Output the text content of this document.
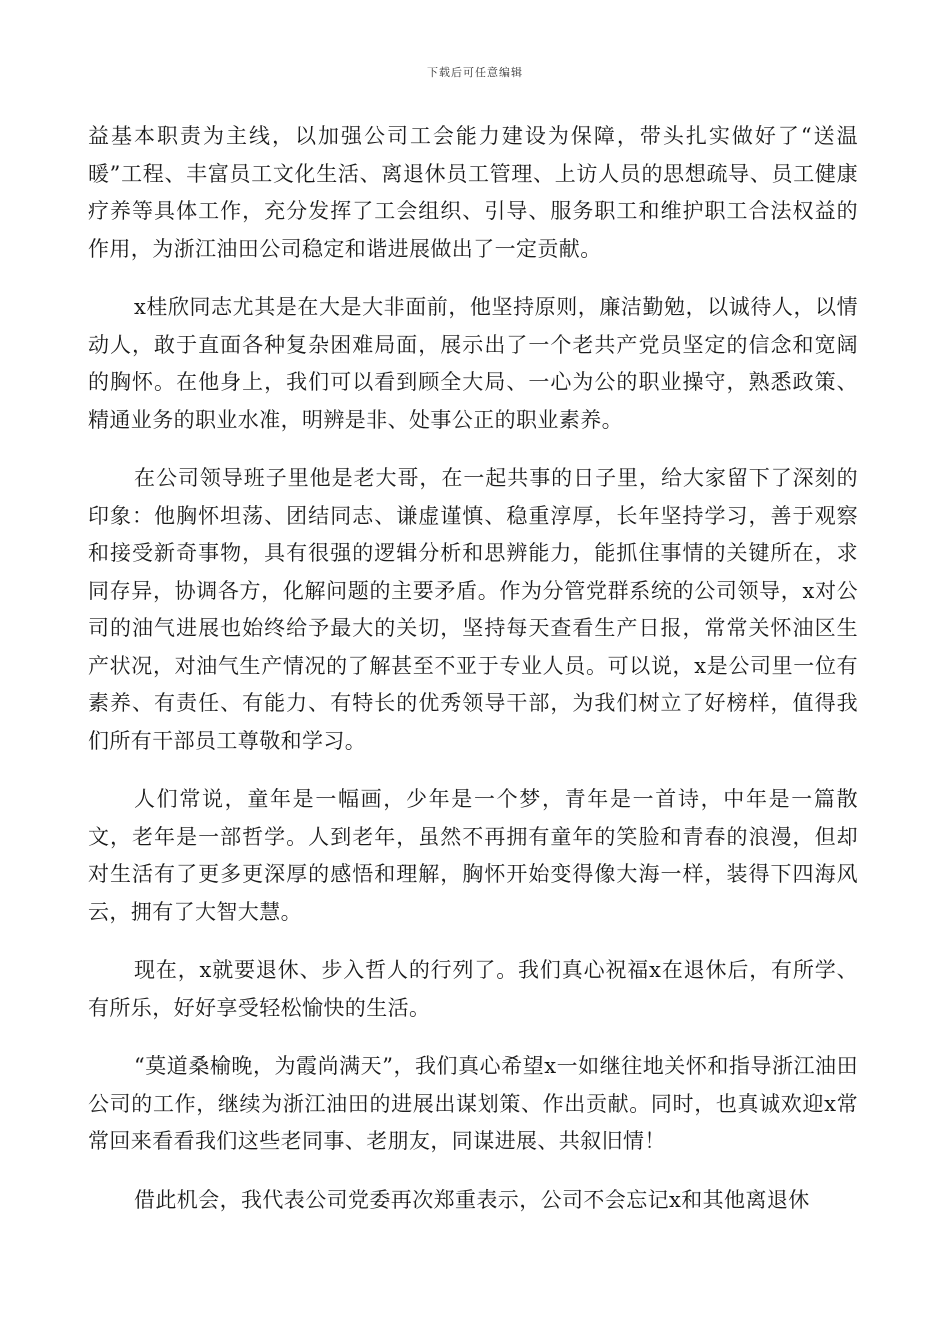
下载后可任意编辑

益基本职责为主线，以加强公司工会能力建设为保障，带头扎实做好了“送温暖”工程、丰富员工文化生活、离退休员工管理、上访人员的思想疏导、员工健康疗养等具体工作，充分发挥了工会组织、引导、服务职工和维护职工合法权益的作用，为浙江油田公司稳定和谐进展做出了一定贡献。

x桂欣同志尤其是在大是大非面前，他坚持原则，廉洁勤勉，以诚待人，以情动人，敢于直面各种复杂困难局面，展示出了一个老共产党员坚定的信念和宽阔的胸怀。在他身上，我们可以看到顾全大局、一心为公的职业操守，熟悉政策、精通业务的职业水准，明辨是非、处事公正的职业素养。

在公司领导班子里他是老大哥，在一起共事的日子里，给大家留下了深刻的印象：他胸怀坦荡、团结同志、谦虚谨慎、稳重淳厚，长年坚持学习，善于观察和接受新奇事物，具有很强的逻辑分析和思辨能力，能抓住事情的关键所在，求同存异，协调各方，化解问题的主要矛盾。作为分管党群系统的公司领导，x对公司的油气进展也始终给予最大的关切，坚持每天查看生产日报，常常关怀油区生产状况，对油气生产情况的了解甚至不亚于专业人员。可以说，x是公司里一位有素养、有责任、有能力、有特长的优秀领导干部，为我们树立了好榜样，值得我们所有干部员工尊敬和学习。

人们常说，童年是一幅画，少年是一个梦，青年是一首诗，中年是一篇散文，老年是一部哲学。人到老年，虽然不再拥有童年的笑脸和青春的浪漫，但却对生活有了更多更深厚的感悟和理解，胸怀开始变得像大海一样，装得下四海风云，拥有了大智大慧。

现在，x就要退休、步入哲人的行列了。我们真心祝福x在退休后，有所学、有所乐，好好享受轻松愉快的生活。

“莫道桑榆晚，为霞尚满天”，我们真心希望x一如继往地关怀和指导浙江油田公司的工作，继续为浙江油田的进展出谋划策、作出贡献。同时，也真诚欢迎x常常回来看看我们这些老同事、老朋友，同谋进展、共叙旧情！

借此机会，我代表公司党委再次郑重表示，公司不会忘记x和其他离退休
